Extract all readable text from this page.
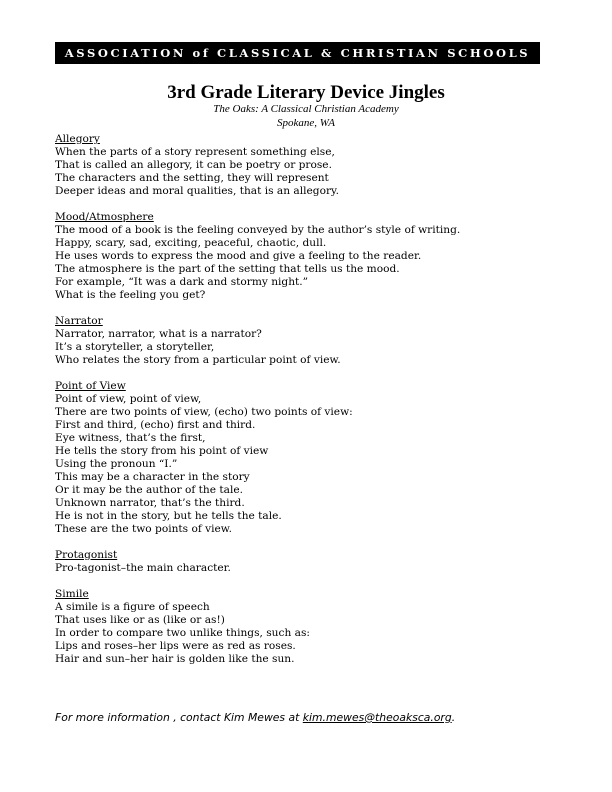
ASSOCIATION of CLASSICAL & CHRISTIAN SCHOOLS
3rd Grade Literary Device Jingles
The Oaks: A Classical Christian Academy
Spokane, WA
Allegory
When the parts of a story represent something else,
That is called an allegory, it can be poetry or prose.
The characters and the setting, they will represent
Deeper ideas and moral qualities, that is an allegory.
Mood/Atmosphere
The mood of a book is the feeling conveyed by the author’s style of writing.
Happy, scary, sad, exciting, peaceful, chaotic, dull.
He uses words to express the mood and give a feeling to the reader.
The atmosphere is the part of the setting that tells us the mood.
For example, “It was a dark and stormy night.”
What is the feeling you get?
Narrator
Narrator, narrator, what is a narrator?
It’s a storyteller, a storyteller,
Who relates the story from a particular point of view.
Point of View
Point of view, point of view,
There are two points of view, (echo) two points of view:
First and third, (echo) first and third.
Eye witness, that’s the first,
He tells the story from his point of view
Using the pronoun “I.”
This may be a character in the story
Or it may be the author of the tale.
Unknown narrator, that’s the third.
He is not in the story, but he tells the tale.
These are the two points of view.
Protagonist
Pro-tagonist–the main character.
Simile
A simile is a figure of speech
That uses like or as (like or as!)
In order to compare two unlike things, such as:
Lips and roses–her lips were as red as roses.
Hair and sun–her hair is golden like the sun.
For more information , contact Kim Mewes at kim.mewes@theoaksca.org.
